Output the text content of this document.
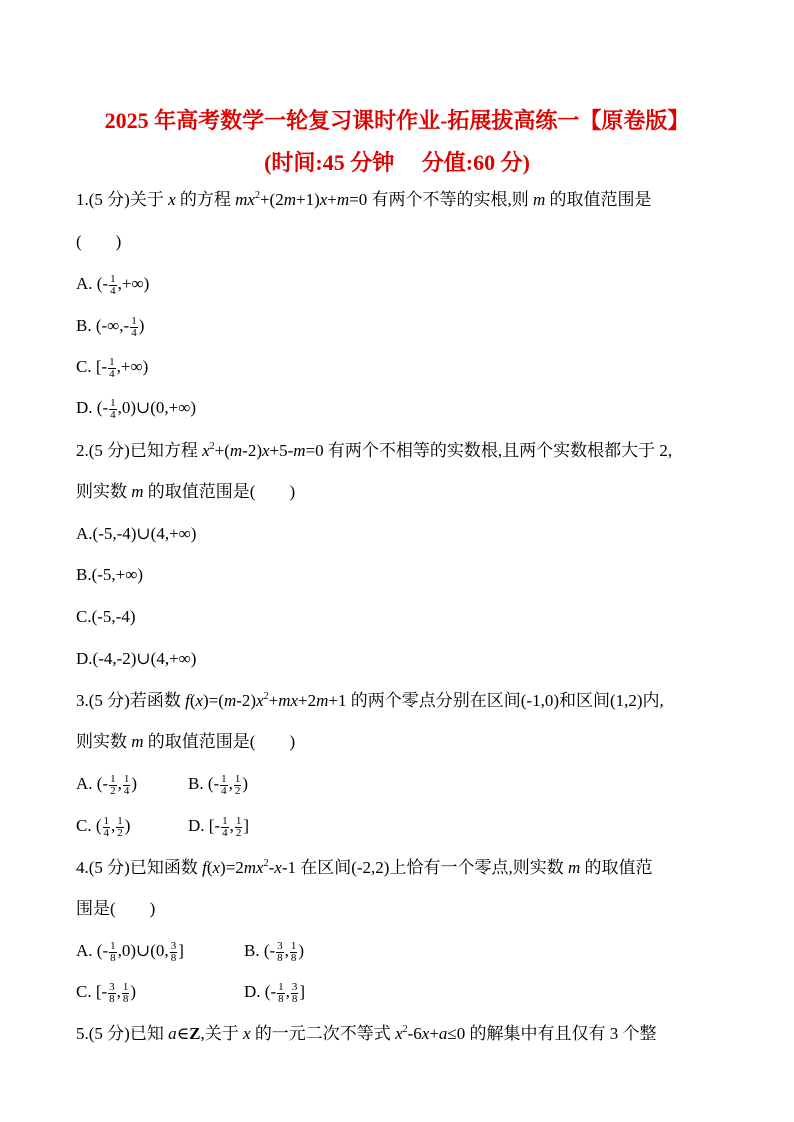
2025 年高考数学一轮复习课时作业-拓展拔高练一【原卷版】
(时间:45 分钟　 分值:60 分)
1.(5 分)关于 x 的方程 $mx^2+(2m+1)x+m=0$ 有两个不等的实根,则 m 的取值范围是
(　　)
A. (- $\frac{1}{4}$ ,+∞)
B. (-∞,- $\frac{1}{4}$ )
C. [- $\frac{1}{4}$ ,+∞)
D. (- $\frac{1}{4}$ ,0)∪(0,+∞)
2.(5 分)已知方程 $x^2+(m-2)x+5-m=0$ 有两个不相等的实数根,且两个实数根都大于 2,
则实数 m 的取值范围是(　　)
A.(-5,-4)∪(4,+∞)
B.(-5,+∞)
C.(-5,-4)
D.(-4,-2)∪(4,+∞)
3.(5 分)若函数 $f(x)=(m-2)x^2+mx+2m+1$ 的两个零点分别在区间(-1,0)和区间(1,2)内,
则实数 m 的取值范围是(　　)
A. (- $\frac{1}{2}$ , $\frac{1}{4}$ )	B. (- $\frac{1}{4}$ , $\frac{1}{2}$ )
C. ( $\frac{1}{4}$ , $\frac{1}{2}$ )	D. [- $\frac{1}{4}$ , $\frac{1}{2}$ ]
4.(5 分)已知函数 $f(x)=2mx^2-x-1$ 在区间(-2,2)上恰有一个零点,则实数 m 的取值范
围是(　　)
A. (- $\frac{1}{8}$ ,0)∪(0, $\frac{3}{8}$ ]	B. (- $\frac{3}{8}$ , $\frac{1}{8}$ )
C. [- $\frac{3}{8}$ , $\frac{1}{8}$ )	D. (- $\frac{1}{8}$ , $\frac{3}{8}$ ]
5.(5 分)已知 a∈Z,关于 x 的一元二次不等式 $x^2-6x+a\le 0$ 的解集中有且仅有 3 个整
